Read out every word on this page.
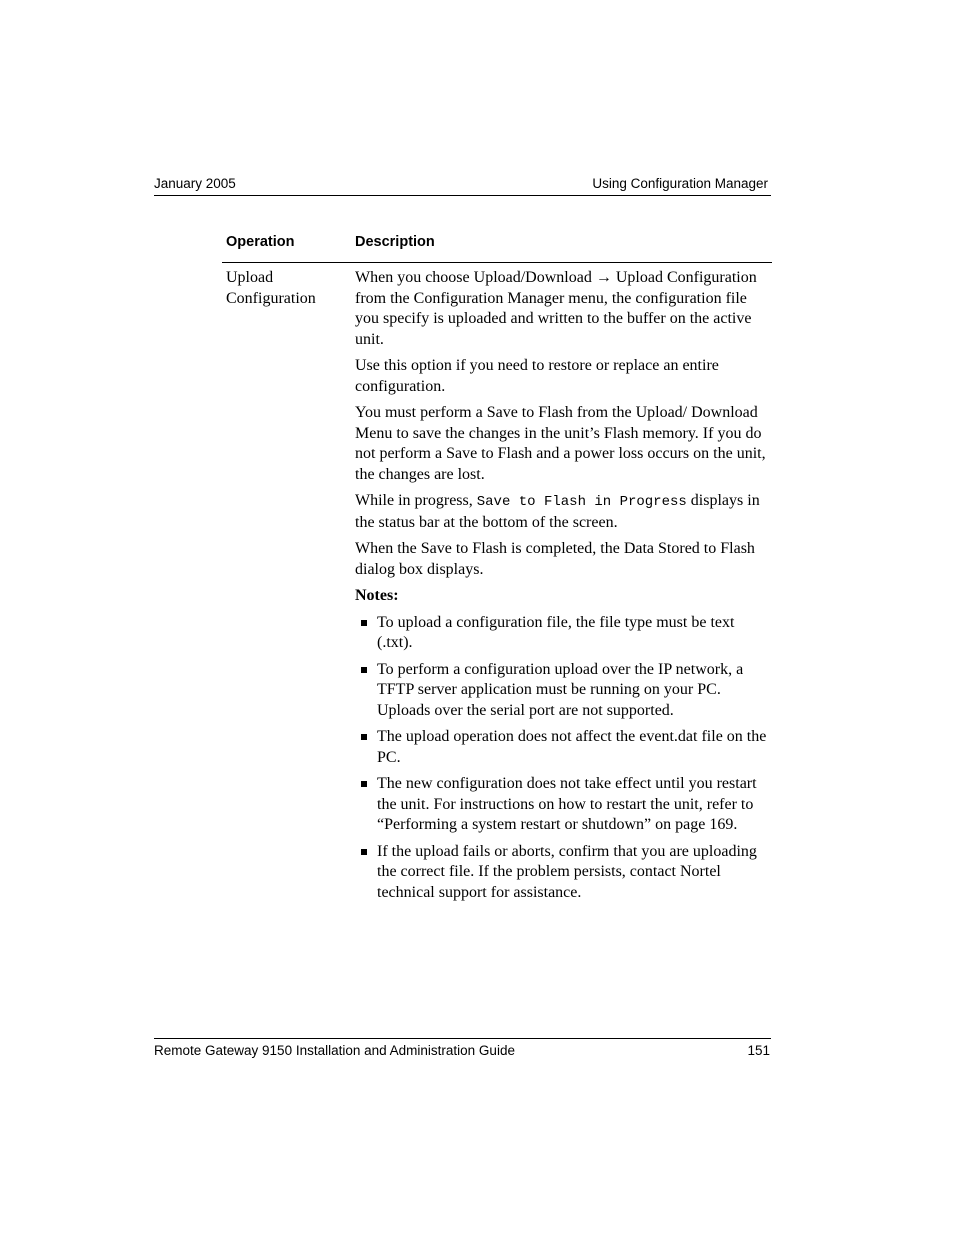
January 2005	Using Configuration Manager
Operation	Description
Upload Configuration

When you choose Upload/Download → Upload Configuration from the Configuration Manager menu, the configuration file you specify is uploaded and written to the buffer on the active unit.

Use this option if you need to restore or replace an entire configuration.

You must perform a Save to Flash from the Upload/ Download Menu to save the changes in the unit’s Flash memory. If you do not perform a Save to Flash and a power loss occurs on the unit, the changes are lost.

While in progress, Save to Flash in Progress displays in the status bar at the bottom of the screen.

When the Save to Flash is completed, the Data Stored to Flash dialog box displays.

Notes:

To upload a configuration file, the file type must be text (.txt).
To perform a configuration upload over the IP network, a TFTP server application must be running on your PC. Uploads over the serial port are not supported.
The upload operation does not affect the event.dat file on the PC.
The new configuration does not take effect until you restart the unit. For instructions on how to restart the unit, refer to “Performing a system restart or shutdown” on page 169.
If the upload fails or aborts, confirm that you are uploading the correct file. If the problem persists, contact Nortel technical support for assistance.
Remote Gateway 9150 Installation and Administration Guide	151
